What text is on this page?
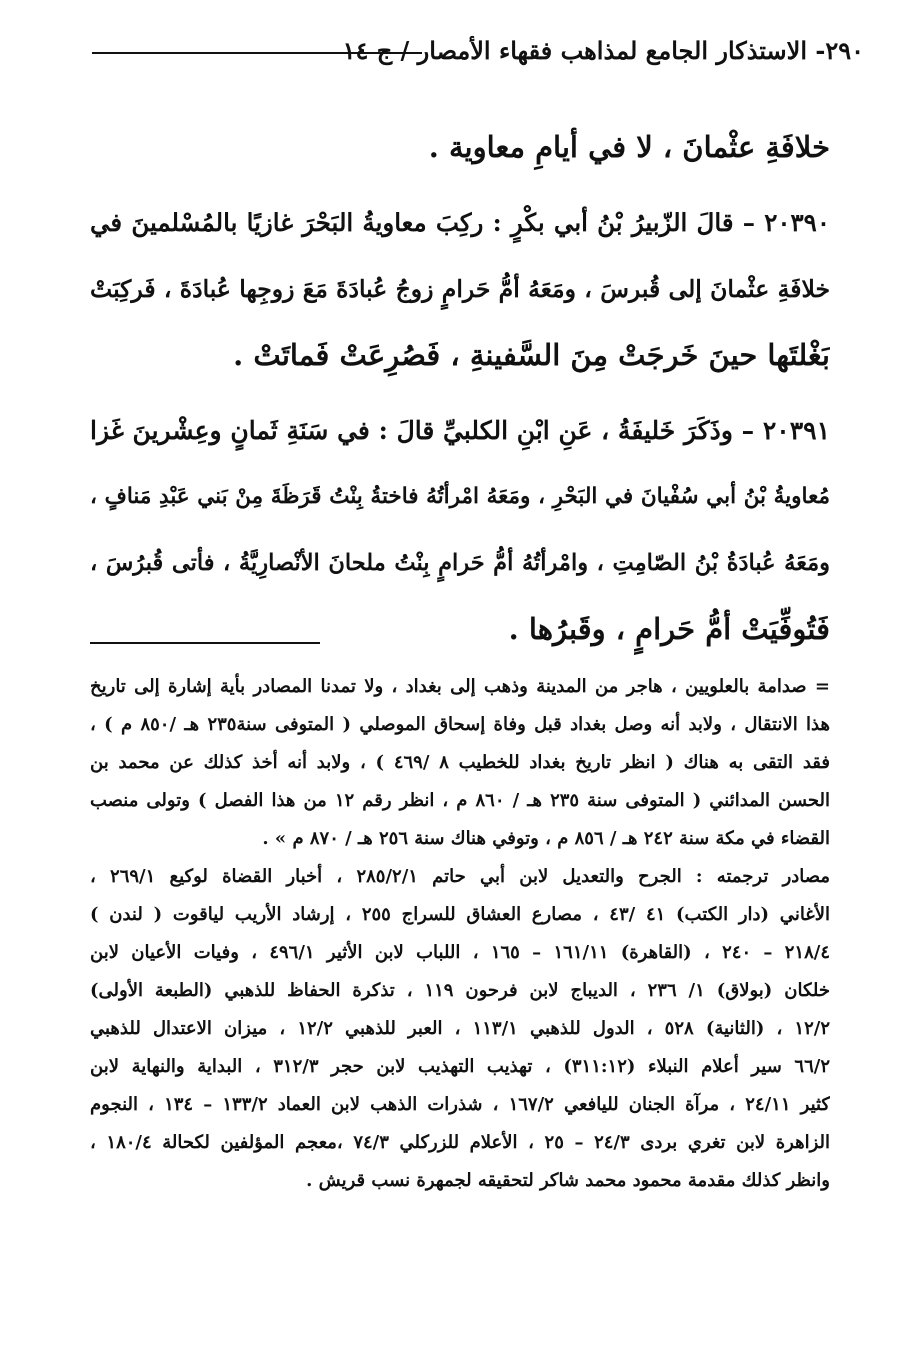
٢٩٠- الاستذكار الجامع لمذاهب فقهاء الأمصار / ج ١٤
خلافَةِ عثْمانَ ، لا في أيامِ معاوية .
٢٠٣٩٠ – قالَ الزّبيرُ بْنُ أبي بكْرٍ : ركِبَ معاويةُ البَحْرَ غازيًا بالمُسْلمينَ في
خلافَةِ عثْمانَ إلى قُبرسَ ، ومَعَهُ أمُّ حَرامٍ زوجُ عُبادَةَ مَعَ زوجِها عُبادَةَ ، فَركِبَتْ
بَغْلتَها حينَ خَرجَتْ مِنَ السَّفينةِ ، فَصُرِعَتْ فَماتَتْ .
٢٠٣٩١ – وذَكَرَ خَليفَةُ ، عَنِ ابْنِ الكلبيِّ قالَ : في سَنَةِ ثَمانٍ وعِشْرينَ غَزا
مُعاويةُ بْنُ أبي سُفْيانَ في البَحْرِ ، ومَعَهُ امْرأتُهُ فاختةُ بِنْتُ قَرَظَةَ مِنْ بَني عَبْدِ مَنافٍ ،
ومَعَهُ عُبادَةُ بْنُ الصّامِتِ ، وامْرأتُهُ أمُّ حَرامٍ بِنْتُ ملحانَ الأنْصارِيَّةُ ، فأتى قُبرُسَ ،
فَتُوفِّيَتْ أمُّ حَرامٍ ، وقَبرُها .
= صدامة بالعلويين ، هاجر من المدينة وذهب إلى بغداد ، ولا تمدنا المصادر بأية إشارة إلى تاريخ
هذا الانتقال ، ولابد أنه وصل بغداد قبل وفاة إسحاق الموصلي ( المتوفى سنة٢٣٥ هـ /٨٥٠ م ) ،
فقد التقى به هناك ( انظر تاريخ بغداد للخطيب ٨ /٤٦٩ ) ، ولابد أنه أخذ كذلك عن محمد بن
الحسن المدائني ( المتوفى سنة ٢٣٥ هـ / ٨٦٠ م ، انظر رقم ١٢ من هذا الفصل ) وتولى منصب
القضاء في مكة سنة ٢٤٢ هـ / ٨٥٦ م ، وتوفي هناك سنة ٢٥٦ هـ / ٨٧٠ م » .
مصادر ترجمته : الجرح والتعديل لابن أبي حاتم ٢٨٥/٢/١ ، أخبار القضاة لوكيع ٢٦٩/١ ،
الأغاني (دار الكتب) ٤١ /٤٣ ، مصارع العشاق للسراج ٢٥٥ ، إرشاد الأريب لياقوت ( لندن )
٢١٨/٤ – ٢٤٠ ، (القاهرة) ١٦١/١١ – ١٦٥ ، اللباب لابن الأثير ٤٩٦/١ ، وفيات الأعيان لابن
خلكان (بولاق) ١/ ٢٣٦ ، الديباج لابن فرحون ١١٩ ، تذكرة الحفاظ للذهبي (الطبعة الأولى)
١٢/٢ ، (الثانية) ٥٢٨ ، الدول للذهبي ١١٣/١ ، العبر للذهبي ١٢/٢ ، ميزان الاعتدال للذهبي
٦٦/٢ سير أعلام النبلاء (٣١١:١٢) ، تهذيب التهذيب لابن حجر ٣١٢/٣ ، البداية والنهاية لابن
كثير ٢٤/١١ ، مرآة الجنان لليافعي ١٦٧/٢ ، شذرات الذهب لابن العماد ١٣٣/٢ – ١٣٤ ، النجوم
الزاهرة لابن تغري بردى ٢٤/٣ – ٢٥ ، الأعلام للزركلي ٧٤/٣ ،معجم المؤلفين لكحالة ١٨٠/٤ ،
وانظر كذلك مقدمة محمود محمد شاكر لتحقيقه لجمهرة نسب قريش .
